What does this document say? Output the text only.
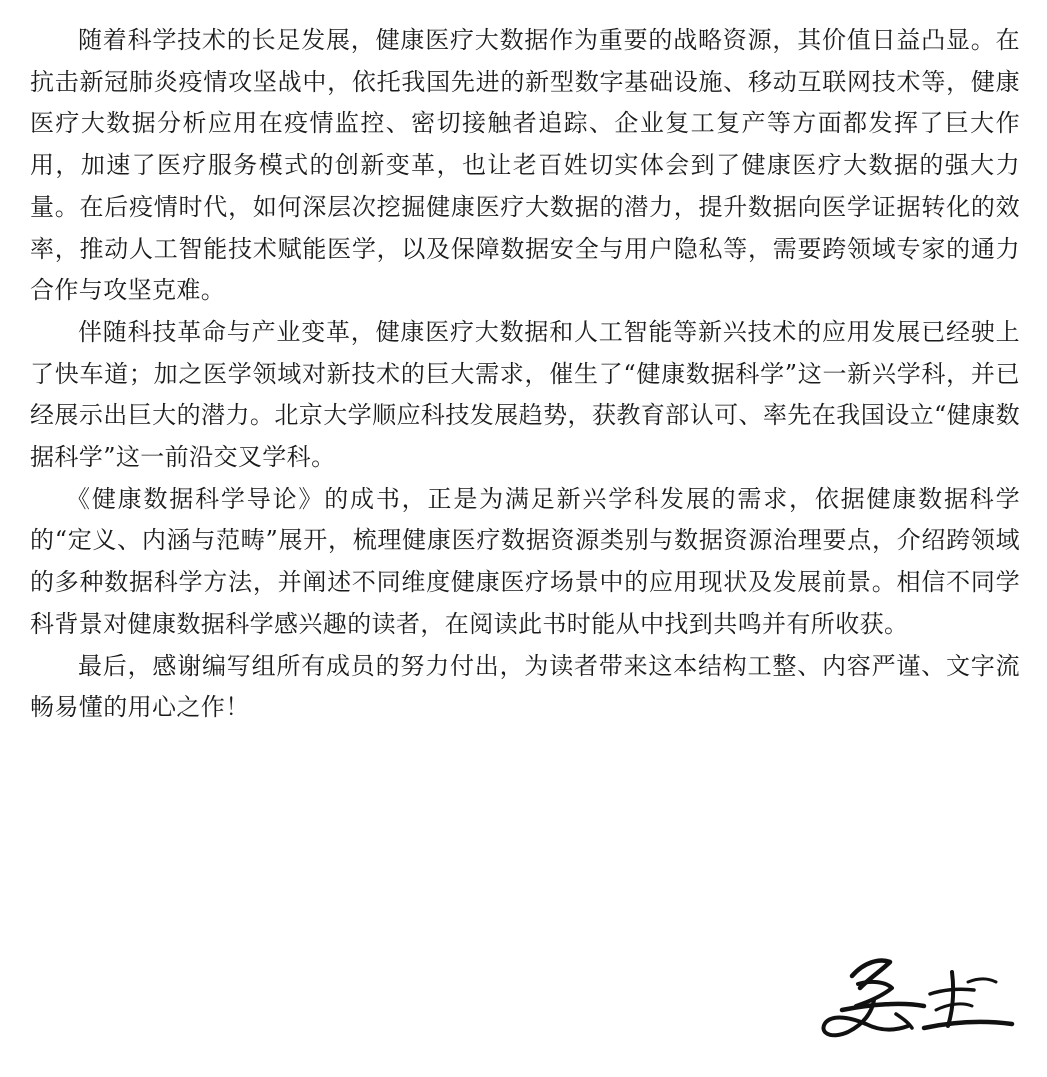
随着科学技术的长足发展，健康医疗大数据作为重要的战略资源，其价值日益凸显。在抗击新冠肺炎疫情攻坚战中，依托我国先进的新型数字基础设施、移动互联网技术等，健康医疗大数据分析应用在疫情监控、密切接触者追踪、企业复工复产等方面都发挥了巨大作用，加速了医疗服务模式的创新变革，也让老百姓切实体会到了健康医疗大数据的强大力量。在后疫情时代，如何深层次挖掘健康医疗大数据的潜力，提升数据向医学证据转化的效率，推动人工智能技术赋能医学，以及保障数据安全与用户隐私等，需要跨领域专家的通力合作与攻坚克难。

伴随科技革命与产业变革，健康医疗大数据和人工智能等新兴技术的应用发展已经驶上了快车道；加之医学领域对新技术的巨大需求，催生了“健康数据科学”这一新兴学科，并已经展示出巨大的潜力。北京大学顺应科技发展趋势，获教育部认可、率先在我国设立“健康数据科学”这一前沿交叉学科。

《健康数据科学导论》的成书，正是为满足新兴学科发展的需求，依据健康数据科学的“定义、内涵与范畴”展开，梳理健康医疗数据资源类别与数据资源治理要点，介绍跨领域的多种数据科学方法，并阐述不同维度健康医疗场景中的应用现状及发展前景。相信不同学科背景对健康数据科学感兴趣的读者，在阅读此书时能从中找到共鸣并有所收获。

最后，感谢编写组所有成员的努力付出，为读者带来这本结构工整、内容严谨、文字流畅易懂的用心之作！
